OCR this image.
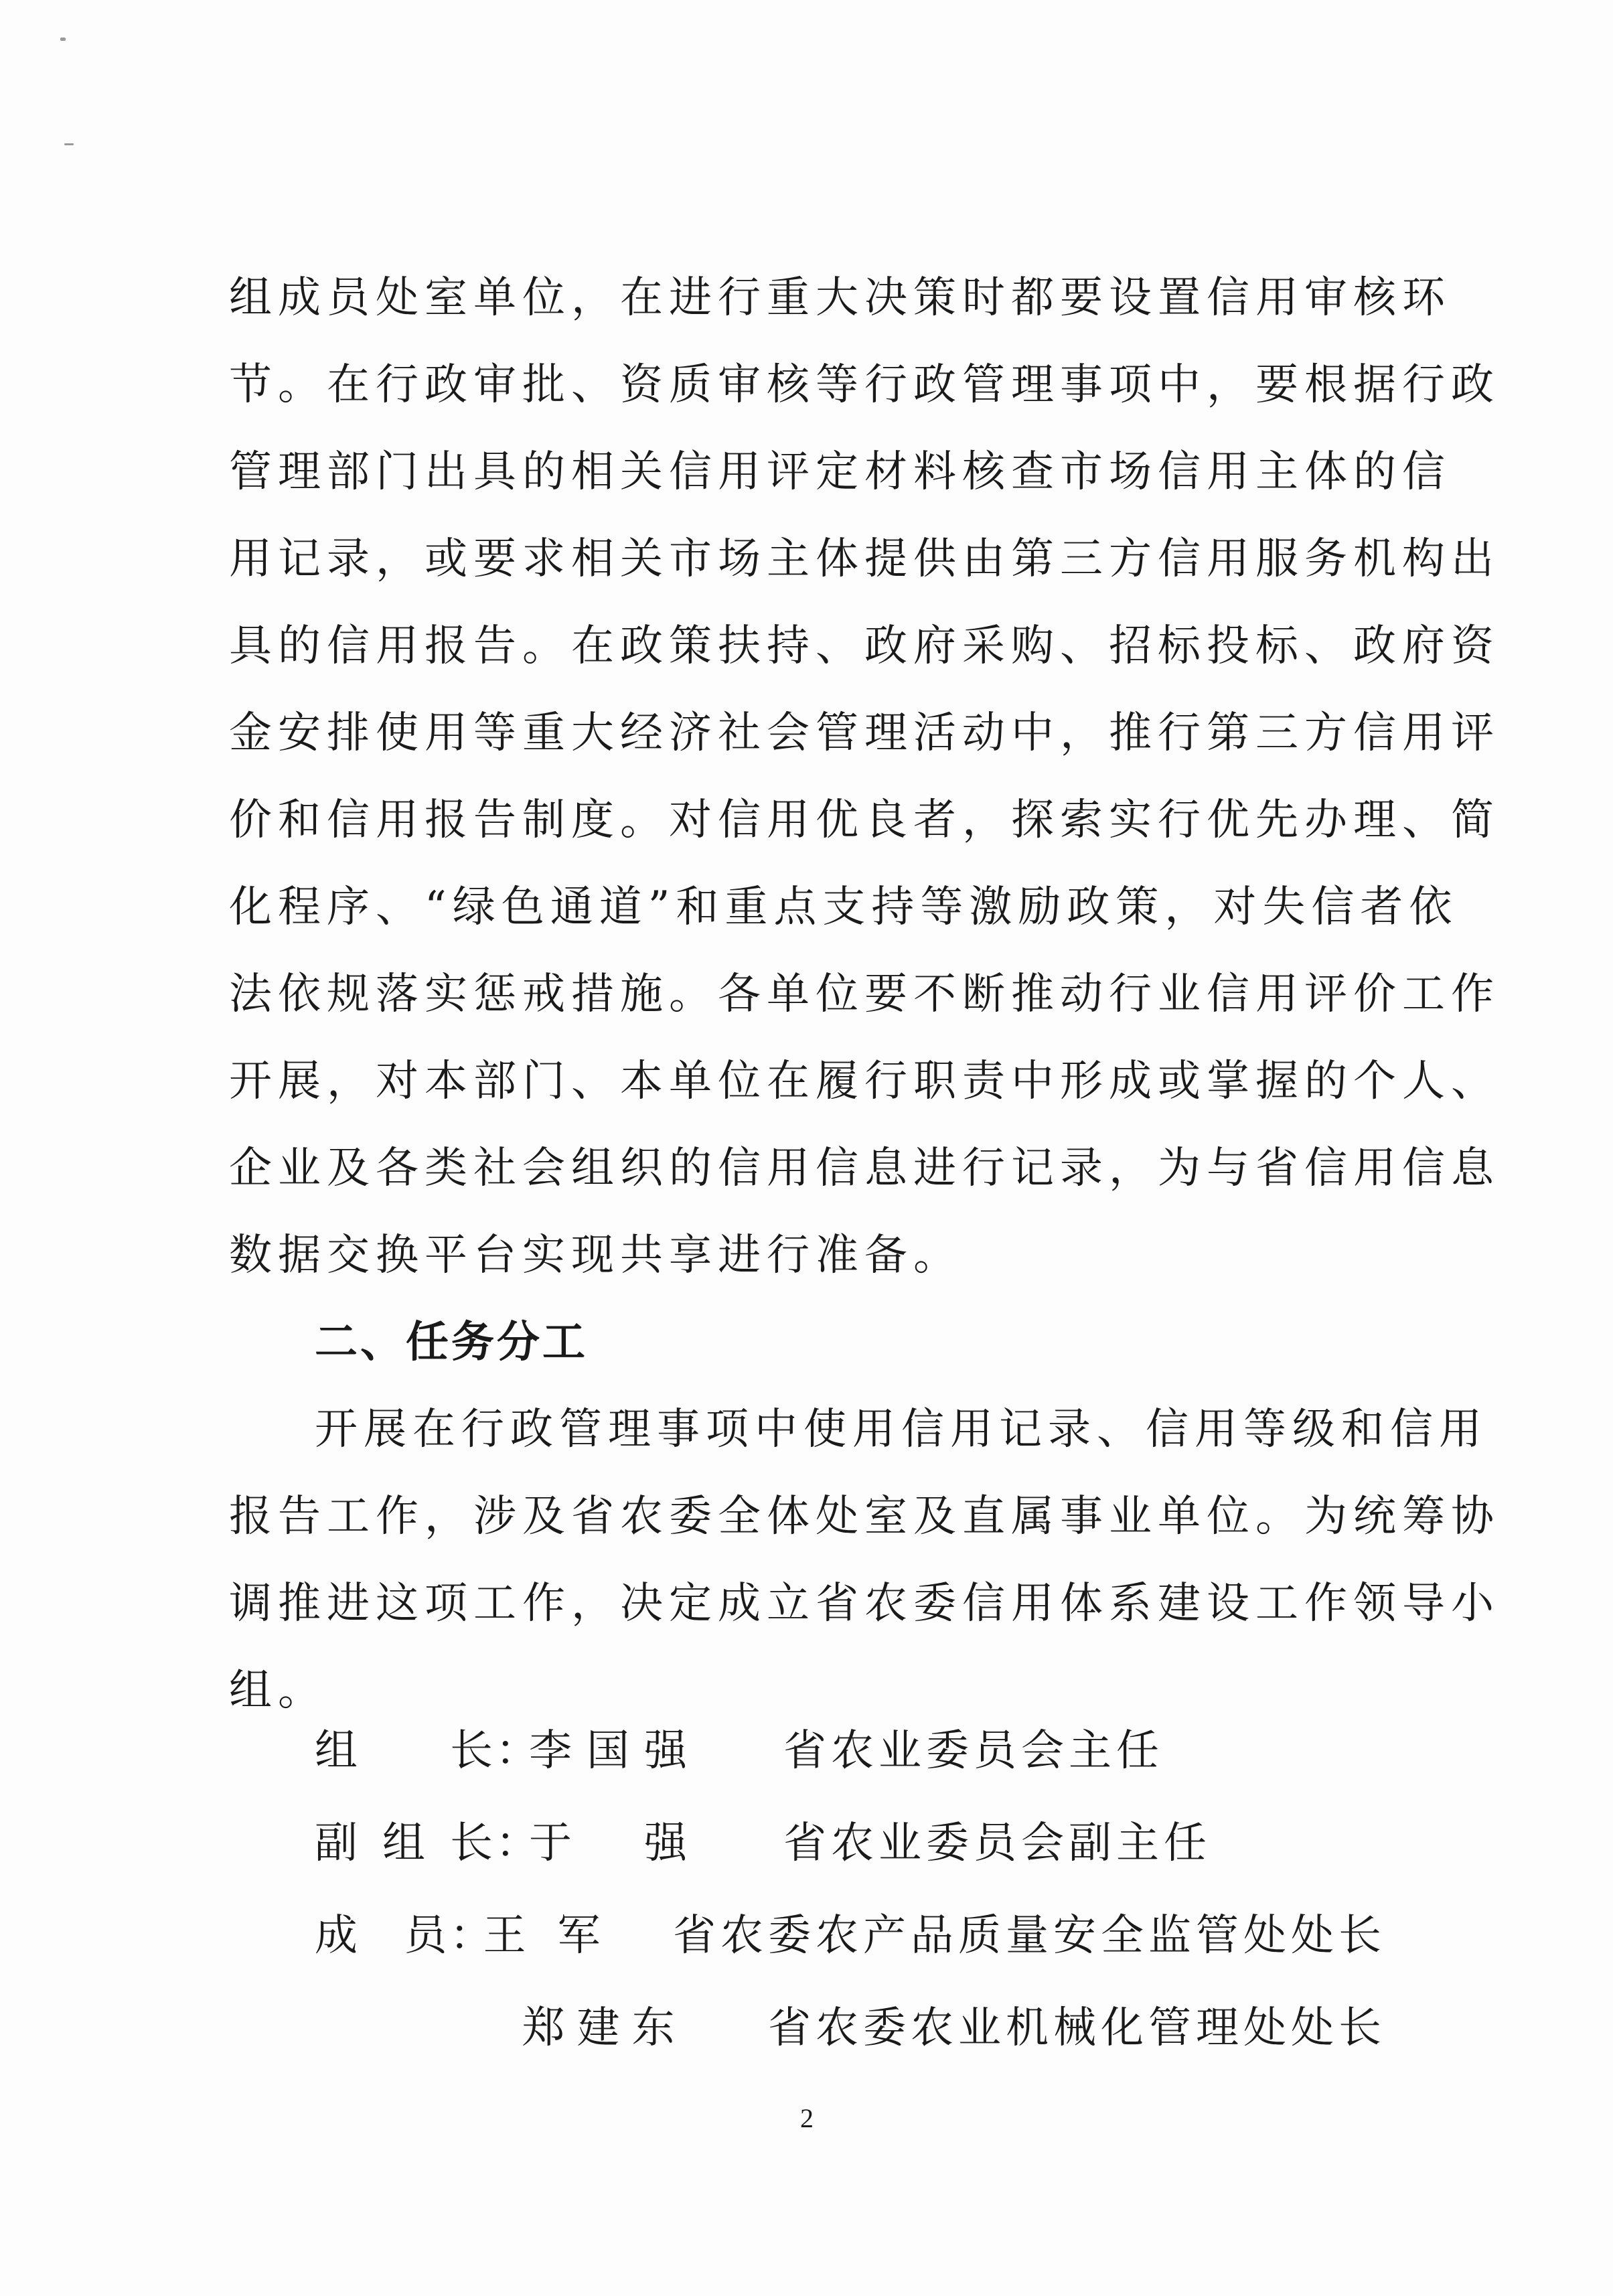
组成员处室单位，在进行重大决策时都要设置信用审核环
节。在行政审批、资质审核等行政管理事项中，要根据行政
管理部门出具的相关信用评定材料核查市场信用主体的信
用记录，或要求相关市场主体提供由第三方信用服务机构出
具的信用报告。在政策扶持、政府采购、招标投标、政府资
金安排使用等重大经济社会管理活动中，推行第三方信用评
价和信用报告制度。对信用优良者，探索实行优先办理、简
化程序、“绿色通道”和重点支持等激励政策，对失信者依
法依规落实惩戒措施。各单位要不断推动行业信用评价工作
开展，对本部门、本单位在履行职责中形成或掌握的个人、
企业及各类社会组织的信用信息进行记录，为与省信用信息
数据交换平台实现共享进行准备。
二、任务分工
开展在行政管理事项中使用信用记录、信用等级和信用
报告工作，涉及省农委全体处室及直属事业单位。为统筹协
调推进这项工作，决定成立省农委信用体系建设工作领导小
组。
组长 ：
李国强 省农业委员会主任
副组长 ：
于强 省农业委员会副主任
成员 ：
王军 省农委农产品质量安全监管处处长
郑建东 省农委农业机械化管理处处长
2
